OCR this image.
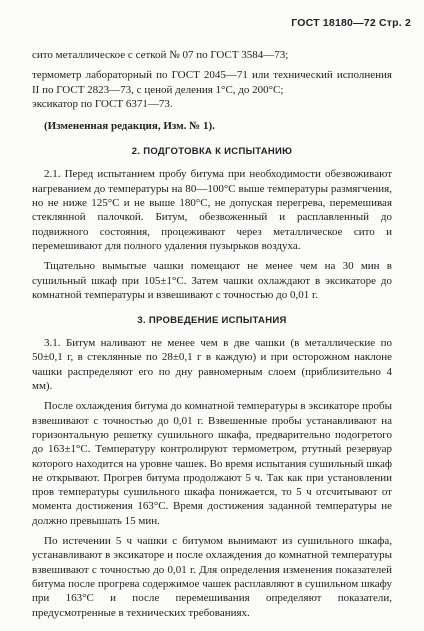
ГОСТ 18180—72 Стр. 2

сито металлическое с сеткой № 07 по ГОСТ 3584—73;

термометр лабораторный по ГОСТ 2045—71 или технический исполнения II по ГОСТ 2823—73, с ценой деления 1°С, до 200°С;

эксикатор по ГОСТ 6371—73.

(Измененная редакция, Изм. № 1).

2. ПОДГОТОВКА К ИСПЫТАНИЮ

2.1. Перед испытанием пробу битума при необходимости обезвоживают нагреванием до температуры на 80—100°С выше температуры размягчения, но не ниже 125°С и не выше 180°С, не допуская перегрева, перемешивая стеклянной палочкой. Битум, обезвоженный и расплавленный до подвижного состояния, процеживают через металлическое сито и перемешивают для полного удаления пузырьков воздуха.

Тщательно вымытые чашки помещают не менее чем на 30 мин в сушильный шкаф при 105±1°С. Затем чашки охлаждают в эксикаторе до комнатной температуры и взвешивают с точностью до 0,01 г.

3. ПРОВЕДЕНИЕ ИСПЫТАНИЯ

3.1. Битум наливают не менее чем в две чашки (в металлические по 50±0,1 г, в стеклянные по 28±0,1 г в каждую) и при осторожном наклоне чашки распределяют его по дну равномерным слоем (приблизительно 4 мм).

После охлаждения битума до комнатной температуры в эксикаторе пробы взвешивают с точностью до 0,01 г. Взвешенные пробы устанавливают на горизонтальную решетку сушильного шкафа, предварительно подогретого до 163±1°С. Температуру контролируют термометром, ртутный резервуар которого находится на уровне чашек. Во время испытания сушильный шкаф не открывают. Прогрев битума продолжают 5 ч. Так как при установлении пров температуры сушильного шкафа понижается, то 5 ч отсчитывают от момента достижения 163°С. Время достижения заданной температуры не должно превышать 15 мин.

По истечении 5 ч чашки с битумом вынимают из сушильного шкафа, устанавливают в эксикаторе и после охлаждения до комнатной температуры взвешивают с точностью до 0,01 г. Для определения изменения показателей битума после прогрева содержимое чашек расплавляют в сушильном шкафу при 163°С и после перемешивания определяют показатели, предусмотренные в технических требованиях.
